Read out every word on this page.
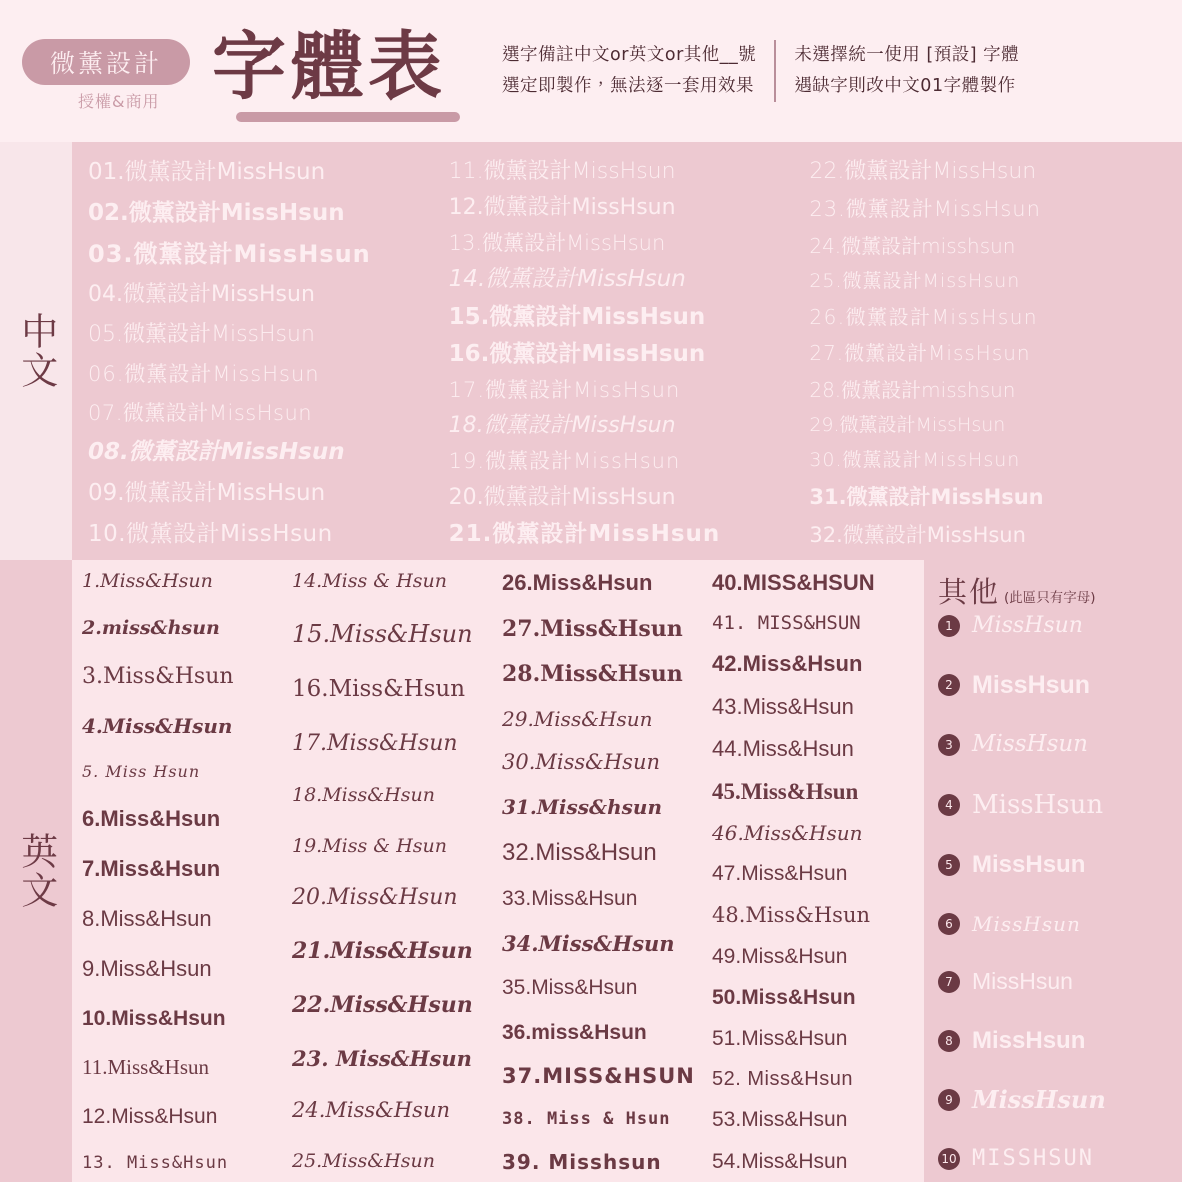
微薰設計
授權&商用 字體表	選字備註中文or英文or其他__號
選定即製作，無法逐一套用效果
未選擇統一使用 [預設] 字體
遇缺字則改中文01字體製作
中文
01.微薰設計MissHsun
02.微薰設計MissHsun
03.微薰設計MissHsun
04.微薰設計MissHsun
05.微薰設計MissHsun
06.微薰設計MissHsun
07.微薰設計MissHsun
08.微薰設計MissHsun
09.微薰設計MissHsun
10.微薰設計MissHsun
11.微薰設計MissHsun
12.微薰設計MissHsun
13.微薰設計MissHsun
14.微薰設計MissHsun
15.微薰設計MissHsun
16.微薰設計MissHsun
17.微薰設計MissHsun
18.微薰設計MissHsun
19.微薰設計MissHsun
20.微薰設計MissHsun
21.微薰設計MissHsun
22.微薰設計MissHsun
23.微薰設計MissHsun
24.微薰設計misshsun
25.微薰設計MissHsun
26.微薰設計MissHsun
27.微薰設計MissHsun
28.微薰設計misshsun
29.微薰設計MissHsun
30.微薰設計MissHsun
31.微薰設計MissHsun
32.微薰設計MissHsun
英文
1.Miss&Hsun
2.miss&hsun
3.Miss&Hsun
4.Miss&Hsun
5. Miss Hsun
6.Miss&Hsun
7.Miss&Hsun
8.Miss&Hsun
9.Miss&Hsun
10.Miss&Hsun
11.Miss&Hsun
12.Miss&Hsun
13. Miss&Hsun
14.Miss & Hsun
15.Miss&Hsun
16.Miss&Hsun
17.Miss&Hsun
18.Miss&Hsun
19.Miss & Hsun
20.Miss&Hsun
21.Miss&Hsun
22.Miss&Hsun
23. Miss&Hsun
24.Miss&Hsun
25.Miss&Hsun
26.Miss&Hsun
27.Miss&Hsun
28.Miss&Hsun
29.Miss&Hsun
30.Miss&Hsun
31.Miss&hsun
32.Miss&Hsun
33.Miss&Hsun
34.Miss&Hsun
35.Miss&Hsun
36.miss&Hsun
37.MISS&HSUN
38. Miss & Hsun
39. Misshsun
40.MISS&HSUN
41. MISS&HSUN
42.Miss&Hsun
43.Miss&Hsun
44.Miss&Hsun
45.Miss&Hsun
46.Miss&Hsun
47.Miss&Hsun
48.Miss&Hsun
49.Miss&Hsun
50.Miss&Hsun
51.Miss&Hsun
52. Miss&Hsun
53.Miss&Hsun
54.Miss&Hsun
其他 (此區只有字母)
1 MissHsun
2 MissHsun
3 MissHsun
4 MissHsun
5 MissHsun
6 MissHsun
7 MissHsun
8 MissHsun
9 MissHsun
10 MISSHSUN
